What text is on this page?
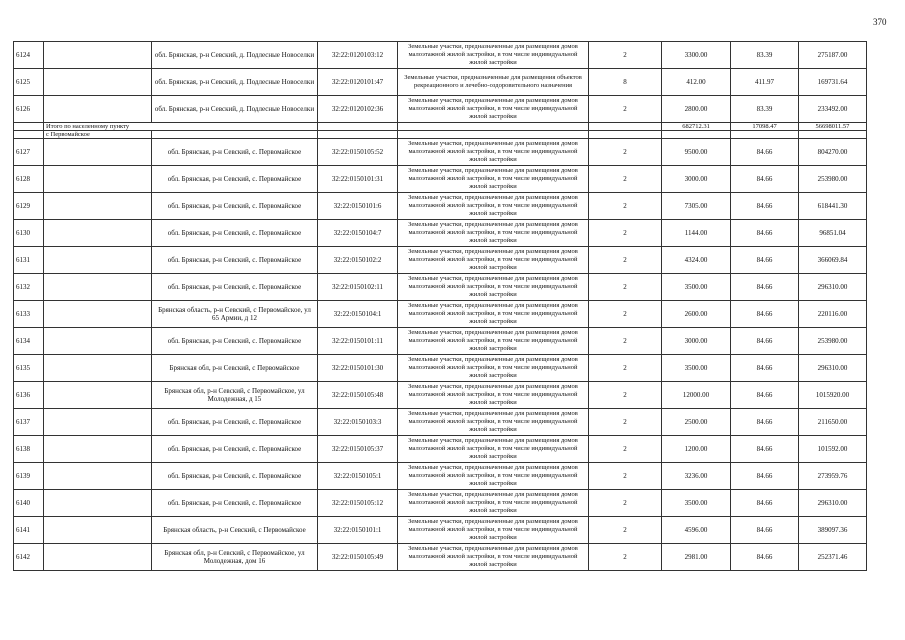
370
6124		обл. Брянская, р-н Севский, д. Подлесные Новоселки	32:22:0120103:12	Земельные участки, предназначенные для размещения домов малоэтажной жилой застройки, в том числе индивидуальной жилой застройки	2	3300.00	83.39	275187.00
6125		обл. Брянская, р-н Севский, д. Подлесные Новоселки	32:22:0120101:47	Земельные участки, предназначенные для размещения объектов рекреационного и лечебно-оздоровительного назначения	8	412.00	411.97	169731.64
6126		обл. Брянская, р-н Севский, д. Подлесные Новоселки	32:22:0120102:36	Земельные участки, предназначенные для размещения домов малоэтажной жилой застройки, в том числе индивидуальной жилой застройки	2	2800.00	83.39	233492.00
	Итого по населенному пункту					682712.31	17098.47	56698011.57
	с Первомайское							
6127		обл. Брянская, р-н Севский, с. Первомайское	32:22:0150105:52	Земельные участки, предназначенные для размещения домов малоэтажной жилой застройки, в том числе индивидуальной жилой застройки	2	9500.00	84.66	804270.00
6128		обл. Брянская, р-н Севский, с. Первомайское	32:22:0150101:31	Земельные участки, предназначенные для размещения домов малоэтажной жилой застройки, в том числе индивидуальной жилой застройки	2	3000.00	84.66	253980.00
6129		обл. Брянская, р-н Севский, с. Первомайское	32:22:0150101:6	Земельные участки, предназначенные для размещения домов малоэтажной жилой застройки, в том числе индивидуальной жилой застройки	2	7305.00	84.66	618441.30
6130		обл. Брянская, р-н Севский, с. Первомайское	32:22:0150104:7	Земельные участки, предназначенные для размещения домов малоэтажной жилой застройки, в том числе индивидуальной жилой застройки	2	1144.00	84.66	96851.04
6131		обл. Брянская, р-н Севский, с. Первомайское	32:22:0150102:2	Земельные участки, предназначенные для размещения домов малоэтажной жилой застройки, в том числе индивидуальной жилой застройки	2	4324.00	84.66	366069.84
6132		обл. Брянская, р-н Севский, с. Первомайское	32:22:0150102:11	Земельные участки, предназначенные для размещения домов малоэтажной жилой застройки, в том числе индивидуальной жилой застройки	2	3500.00	84.66	296310.00
6133		Брянская область, р-н Севский, с Первомайское, ул 65 Армии, д 12	32:22:0150104:1	Земельные участки, предназначенные для размещения домов малоэтажной жилой застройки, в том числе индивидуальной жилой застройки	2	2600.00	84.66	220116.00
6134		обл. Брянская, р-н Севский, с. Первомайское	32:22:0150101:11	Земельные участки, предназначенные для размещения домов малоэтажной жилой застройки, в том числе индивидуальной жилой застройки	2	3000.00	84.66	253980.00
6135		Брянская обл, р-н Севский, с Первомайское	32:22:0150101:30	Земельные участки, предназначенные для размещения домов малоэтажной жилой застройки, в том числе индивидуальной жилой застройки	2	3500.00	84.66	296310.00
6136		Брянская обл, р-н Севский, с Первомайское, ул Молодежная, д 15	32:22:0150105:48	Земельные участки, предназначенные для размещения домов малоэтажной жилой застройки, в том числе индивидуальной жилой застройки	2	12000.00	84.66	1015920.00
6137		обл. Брянская, р-н Севский, с. Первомайское	32:22:0150103:3	Земельные участки, предназначенные для размещения домов малоэтажной жилой застройки, в том числе индивидуальной жилой застройки	2	2500.00	84.66	211650.00
6138		обл. Брянская, р-н Севский, с. Первомайское	32:22:0150105:37	Земельные участки, предназначенные для размещения домов малоэтажной жилой застройки, в том числе индивидуальной жилой застройки	2	1200.00	84.66	101592.00
6139		обл. Брянская, р-н Севский, с. Первомайское	32:22:0150105:1	Земельные участки, предназначенные для размещения домов малоэтажной жилой застройки, в том числе индивидуальной жилой застройки	2	3236.00	84.66	273959.76
6140		обл. Брянская, р-н Севский, с. Первомайское	32:22:0150105:12	Земельные участки, предназначенные для размещения домов малоэтажной жилой застройки, в том числе индивидуальной жилой застройки	2	3500.00	84.66	296310.00
6141		Брянская область, р-н Севский, с Первомайское	32:22:0150101:1	Земельные участки, предназначенные для размещения домов малоэтажной жилой застройки, в том числе индивидуальной жилой застройки	2	4596.00	84.66	389097.36
6142		Брянская обл, р-н Севский, с Первомайское, ул Молодежная, дом 16	32:22:0150105:49	Земельные участки, предназначенные для размещения домов малоэтажной жилой застройки, в том числе индивидуальной жилой застройки	2	2981.00	84.66	252371.46
